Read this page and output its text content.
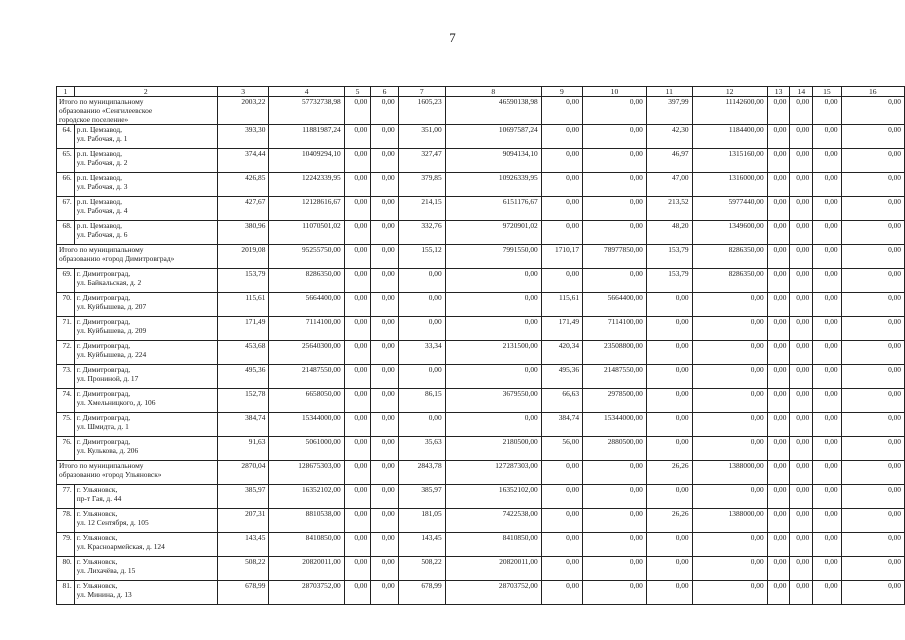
7
1	2	3	4	5	6	7	8	9	10	11	12	13	14	15	16

Итого по муниципальному
образованию «Сенгилеевское
городское поселение»		2003,22	57732738,98	0,00	0,00	1605,23	46590138,98	0,00	0,00	397,99	11142600,00	0,00	0,00	0,00	0,00
64.	р.п. Цемзавод,
ул. Рабочая, д. 1	393,30	11881987,24	0,00	0,00	351,00	10697587,24	0,00	0,00	42,30	1184400,00	0,00	0,00	0,00	0,00
65.	р.п. Цемзавод,
ул. Рабочая, д. 2	374,44	10409294,10	0,00	0,00	327,47	9094134,10	0,00	0,00	46,97	1315160,00	0,00	0,00	0,00	0,00
66.	р.п. Цемзавод,
ул. Рабочая, д. 3	426,85	12242339,95	0,00	0,00	379,85	10926339,95	0,00	0,00	47,00	1316000,00	0,00	0,00	0,00	0,00
67.	р.п. Цемзавод,
ул. Рабочая, д. 4	427,67	12128616,67	0,00	0,00	214,15	6151176,67	0,00	0,00	213,52	5977440,00	0,00	0,00	0,00	0,00
68.	р.п. Цемзавод,
ул. Рабочая, д. 6	380,96	11070501,02	0,00	0,00	332,76	9720901,02	0,00	0,00	48,20	1349600,00	0,00	0,00	0,00	0,00

Итого по муниципальному
образованию «город Димитровград»		2019,08	95255750,00	0,00	0,00	155,12	7991550,00	1710,17	78977850,00	153,79	8286350,00	0,00	0,00	0,00	0,00
69.	г. Димитровград,
ул. Байкальская, д. 2	153,79	8286350,00	0,00	0,00	0,00	0,00	0,00	0,00	153,79	8286350,00	0,00	0,00	0,00	0,00
70.	г. Димитровград,
ул. Куйбышева, д. 207	115,61	5664400,00	0,00	0,00	0,00	0,00	115,61	5664400,00	0,00	0,00	0,00	0,00	0,00	0,00
71.	г. Димитровград,
ул. Куйбышева, д. 209	171,49	7114100,00	0,00	0,00	0,00	0,00	171,49	7114100,00	0,00	0,00	0,00	0,00	0,00	0,00
72.	г. Димитровград,
ул. Куйбышева, д. 224	453,68	25640300,00	0,00	0,00	33,34	2131500,00	420,34	23508800,00	0,00	0,00	0,00	0,00	0,00	0,00
73.	г. Димитровград,
ул. Прониной, д. 17	495,36	21487550,00	0,00	0,00	0,00	0,00	495,36	21487550,00	0,00	0,00	0,00	0,00	0,00	0,00
74.	г. Димитровград,
ул. Хмельницкого, д. 106	152,78	6658050,00	0,00	0,00	86,15	3679550,00	66,63	2978500,00	0,00	0,00	0,00	0,00	0,00	0,00
75.	г. Димитровград,
ул. Шмидта, д. 1	384,74	15344000,00	0,00	0,00	0,00	0,00	384,74	15344000,00	0,00	0,00	0,00	0,00	0,00	0,00
76.	г. Димитровград,
ул. Кулькова, д. 206	91,63	5061000,00	0,00	0,00	35,63	2180500,00	56,00	2880500,00	0,00	0,00	0,00	0,00	0,00	0,00

Итого по муниципальному
образованию «город Ульяновск»		2870,04	128675303,00	0,00	0,00	2843,78	127287303,00	0,00	0,00	26,26	1388000,00	0,00	0,00	0,00	0,00
77.	г. Ульяновск,
пр-т Гая, д. 44	385,97	16352102,00	0,00	0,00	385,97	16352102,00	0,00	0,00	0,00	0,00	0,00	0,00	0,00	0,00
78.	г. Ульяновск,
ул. 12 Сентября, д. 105	207,31	8810538,00	0,00	0,00	181,05	7422538,00	0,00	0,00	26,26	1388000,00	0,00	0,00	0,00	0,00
79.	г. Ульяновск,
ул. Красноармейская, д. 124	143,45	8410850,00	0,00	0,00	143,45	8410850,00	0,00	0,00	0,00	0,00	0,00	0,00	0,00	0,00
80.	г. Ульяновск,
ул. Лихачёва, д. 15	508,22	20820011,00	0,00	0,00	508,22	20820011,00	0,00	0,00	0,00	0,00	0,00	0,00	0,00	0,00
81.	г. Ульяновск,
ул. Минина, д. 13	678,99	28703752,00	0,00	0,00	678,99	28703752,00	0,00	0,00	0,00	0,00	0,00	0,00	0,00	0,00
